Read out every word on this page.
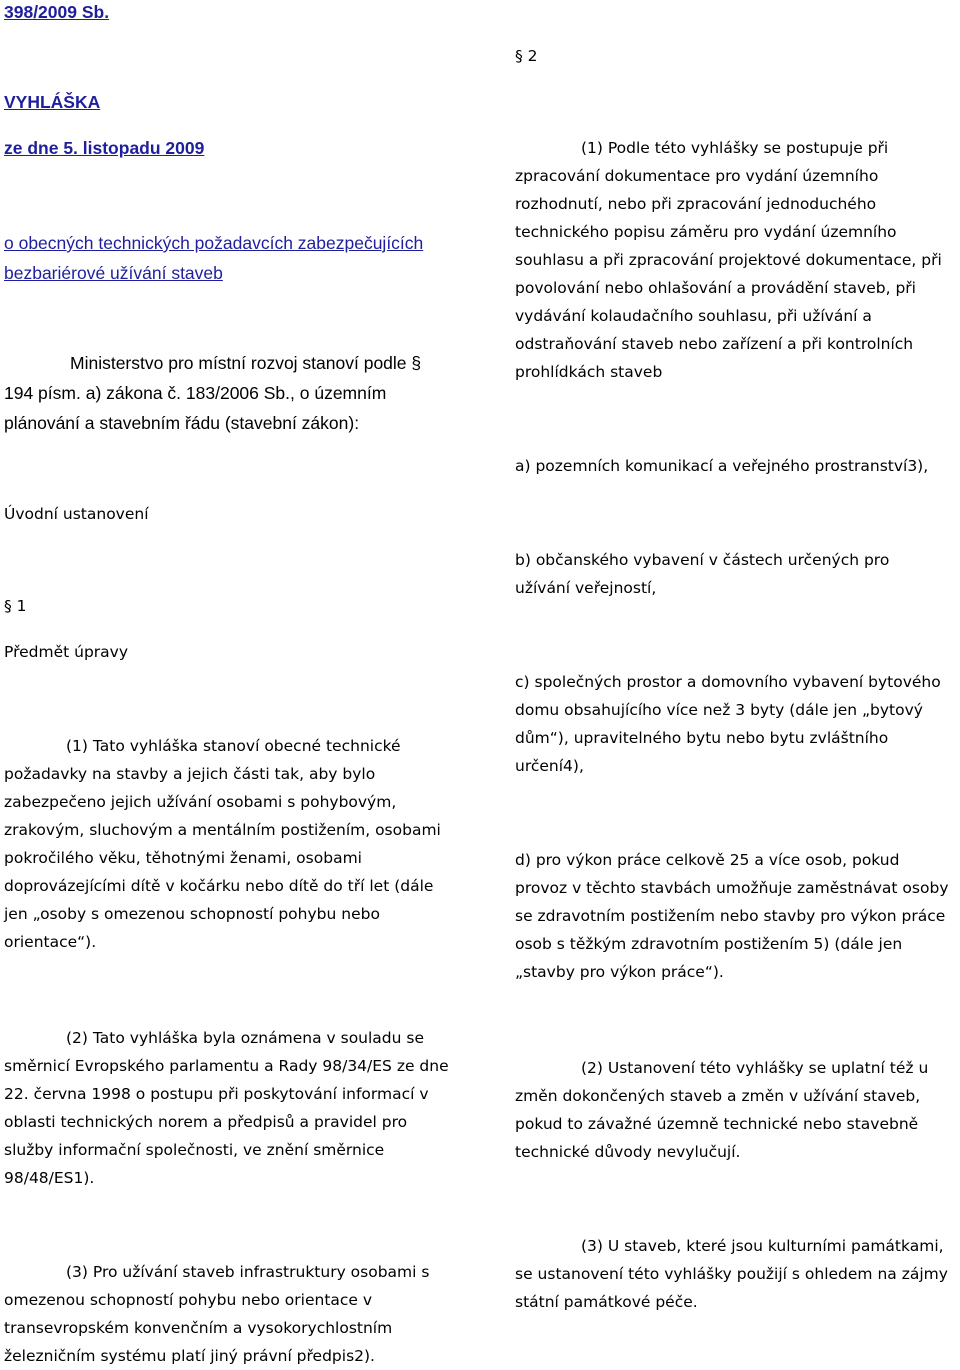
398/2009 Sb.
VYHLÁŠKA
ze dne 5. listopadu 2009
o obecných technických požadavcích zabezpečujících bezbariérové užívání staveb

Ministerstvo pro místní rozvoj stanoví podle § 194 písm. a) zákona č. 183/2006 Sb., o územním plánování a stavebním řádu (stavební zákon):

Úvodní ustanovení
§ 1
Předmět úpravy

(1) Tato vyhláška stanoví obecné technické požadavky na stavby a jejich části tak, aby bylo zabezpečeno jejich užívání osobami s pohybovým, zrakovým, sluchovým a mentálním postižením, osobami pokročilého věku, těhotnými ženami, osobami doprovázejícími dítě v kočárku nebo dítě do tří let (dále jen „osoby s omezenou schopností pohybu nebo orientace“).

(2) Tato vyhláška byla oznámena v souladu se směrnicí Evropského parlamentu a Rady 98/34/ES ze dne 22. června 1998 o postupu při poskytování informací v oblasti technických norem a předpisů a pravidel pro služby informační společnosti, ve znění směrnice 98/48/ES1).

(3) Pro užívání staveb infrastruktury osobami s omezenou schopností pohybu nebo orientace v transevropském konvenčním a vysokorychlostním železničním systému platí jiný právní předpis2).

§ 2

(1) Podle této vyhlášky se postupuje při zpracování dokumentace pro vydání územního rozhodnutí, nebo při zpracování jednoduchého technického popisu záměru pro vydání územního souhlasu a při zpracování projektové dokumentace, při povolování nebo ohlašování a provádění staveb, při vydávání kolaudačního souhlasu, při užívání a odstraňování staveb nebo zařízení a při kontrolních prohlídkách staveb

a) pozemních komunikací a veřejného prostranství3),

b) občanského vybavení v částech určených pro užívání veřejností,

c) společných prostor a domovního vybavení bytového domu obsahujícího více než 3 byty (dále jen „bytový dům“), upravitelného bytu nebo bytu zvláštního určení4),

d) pro výkon práce celkově 25 a více osob, pokud provoz v těchto stavbách umožňuje zaměstnávat osoby se zdravotním postižením nebo stavby pro výkon práce osob s těžkým zdravotním postižením 5) (dále jen „stavby pro výkon práce“).

(2) Ustanovení této vyhlášky se uplatní též u změn dokončených staveb a změn v užívání staveb, pokud to závažné územně technické nebo stavebně technické důvody nevylučují.

(3) U staveb, které jsou kulturními památkami, se ustanovení této vyhlášky použijí s ohledem na zájmy státní památkové péče.
